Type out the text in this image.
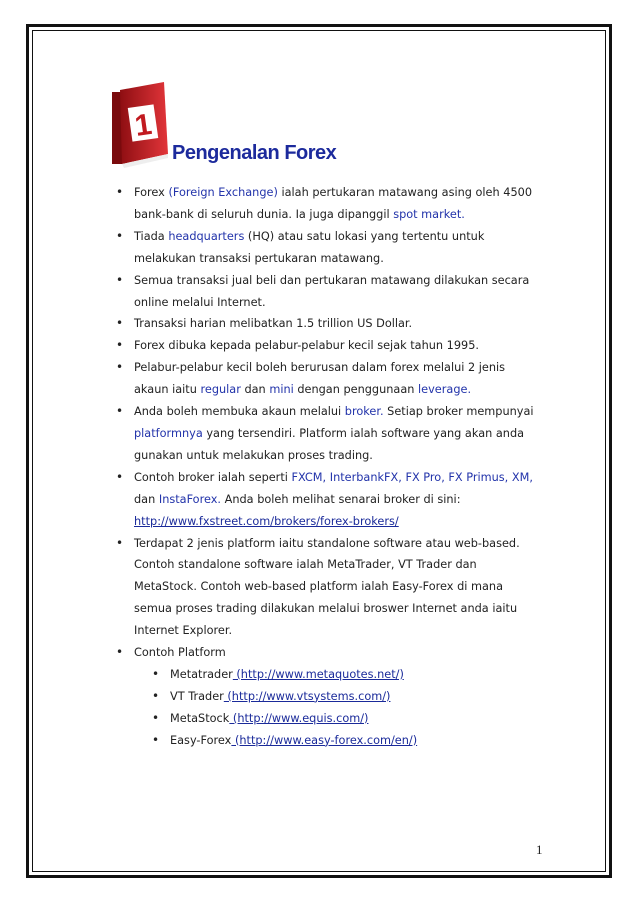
1
Pengenalan Forex
• Forex (Foreign Exchange) ialah pertukaran matawang asing oleh 4500 bank-bank di seluruh dunia. Ia juga dipanggil spot market.
• Tiada headquarters (HQ) atau satu lokasi yang tertentu untuk melakukan transaksi pertukaran matawang.
• Semua transaksi jual beli dan pertukaran matawang dilakukan secara online melalui Internet.
• Transaksi harian melibatkan 1.5 trillion US Dollar.
• Forex dibuka kepada pelabur-pelabur kecil sejak tahun 1995.
• Pelabur-pelabur kecil boleh berurusan dalam forex melalui 2 jenis akaun iaitu regular dan mini dengan penggunaan leverage.
• Anda boleh membuka akaun melalui broker. Setiap broker mempunyai platformnya yang tersendiri. Platform ialah software yang akan anda gunakan untuk melakukan proses trading.
• Contoh broker ialah seperti FXCM, InterbankFX, FX Pro, FX Primus, XM, dan InstaForex. Anda boleh melihat senarai broker di sini: http://www.fxstreet.com/brokers/forex-brokers/
• Terdapat 2 jenis platform iaitu standalone software atau web-based. Contoh standalone software ialah MetaTrader, VT Trader dan MetaStock. Contoh web-based platform ialah Easy-Forex di mana semua proses trading dilakukan melalui broswer Internet anda iaitu Internet Explorer.
• Contoh Platform
• Metatrader (http://www.metaquotes.net/)
• VT Trader (http://www.vtsystems.com/)
• MetaStock (http://www.equis.com/)
• Easy-Forex (http://www.easy-forex.com/en/)
1
